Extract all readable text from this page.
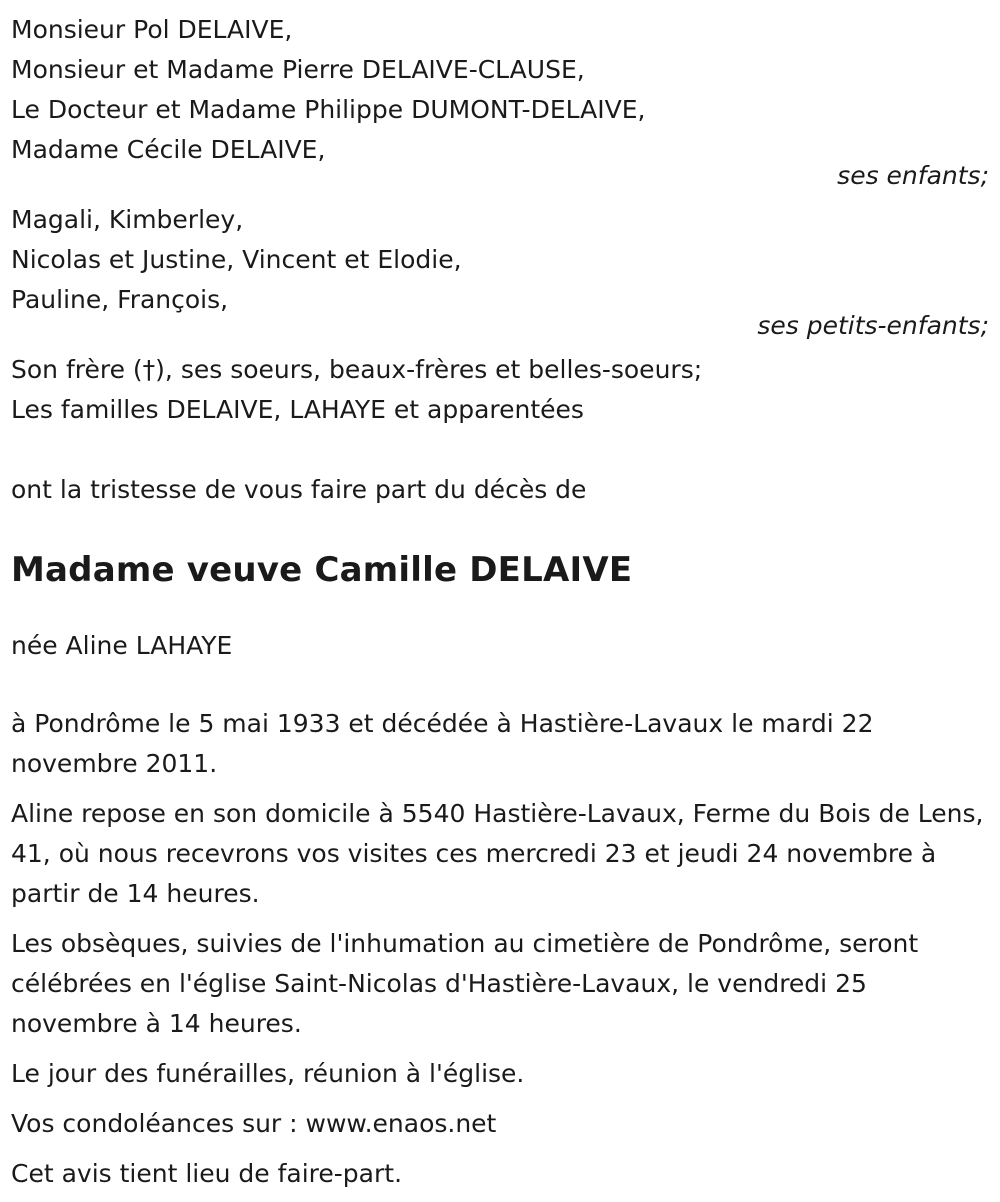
Monsieur Pol DELAIVE,
Monsieur et Madame Pierre DELAIVE-CLAUSE,
Le Docteur et Madame Philippe DUMONT-DELAIVE,
Madame Cécile DELAIVE,
ses enfants;
Magali, Kimberley,
Nicolas et Justine, Vincent et Elodie,
Pauline, François,
ses petits-enfants;
Son frère (†), ses soeurs, beaux-frères et belles-soeurs;
Les familles DELAIVE, LAHAYE et apparentées
ont la tristesse de vous faire part du décès de
Madame veuve Camille DELAIVE
née Aline LAHAYE
à Pondrôme le 5 mai 1933 et décédée à Hastière-Lavaux le mardi 22 novembre 2011.
Aline repose en son domicile à 5540 Hastière-Lavaux, Ferme du Bois de Lens, 41, où nous recevrons vos visites ces mercredi 23 et jeudi 24 novembre à partir de 14 heures.
Les obsèques, suivies de l'inhumation au cimetière de Pondrôme, seront célébrées en l'église Saint-Nicolas d'Hastière-Lavaux, le vendredi 25 novembre à 14 heures.
Le jour des funérailles, réunion à l'église.
Vos condoléances sur : www.enaos.net
Cet avis tient lieu de faire-part.
